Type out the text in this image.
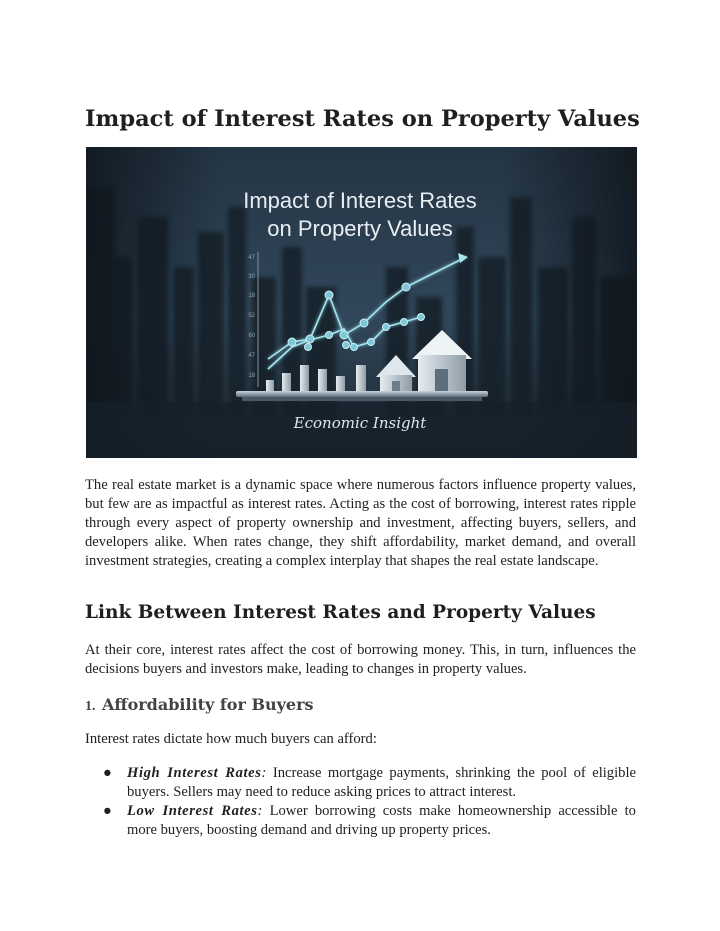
Impact of Interest Rates on Property Values
Impact of Interest Rates
on Property Values
47
30
18
52
60
47
18
Economic Insight

The real estate market is a dynamic space where numerous factors influence property values, but few are as impactful as interest rates. Acting as the cost of borrowing, interest rates ripple through every aspect of property ownership and investment, affecting buyers, sellers, and developers alike. When rates change, they shift affordability, market demand, and overall investment strategies, creating a complex interplay that shapes the real estate landscape.

Link Between Interest Rates and Property Values

At their core, interest rates affect the cost of borrowing money. This, in turn, influences the decisions buyers and investors make, leading to changes in property values.

1. Affordability for Buyers

Interest rates dictate how much buyers can afford:

● High Interest Rates: Increase mortgage payments, shrinking the pool of eligible buyers. Sellers may need to reduce asking prices to attract interest.
● Low Interest Rates: Lower borrowing costs make homeownership accessible to more buyers, boosting demand and driving up property prices.
